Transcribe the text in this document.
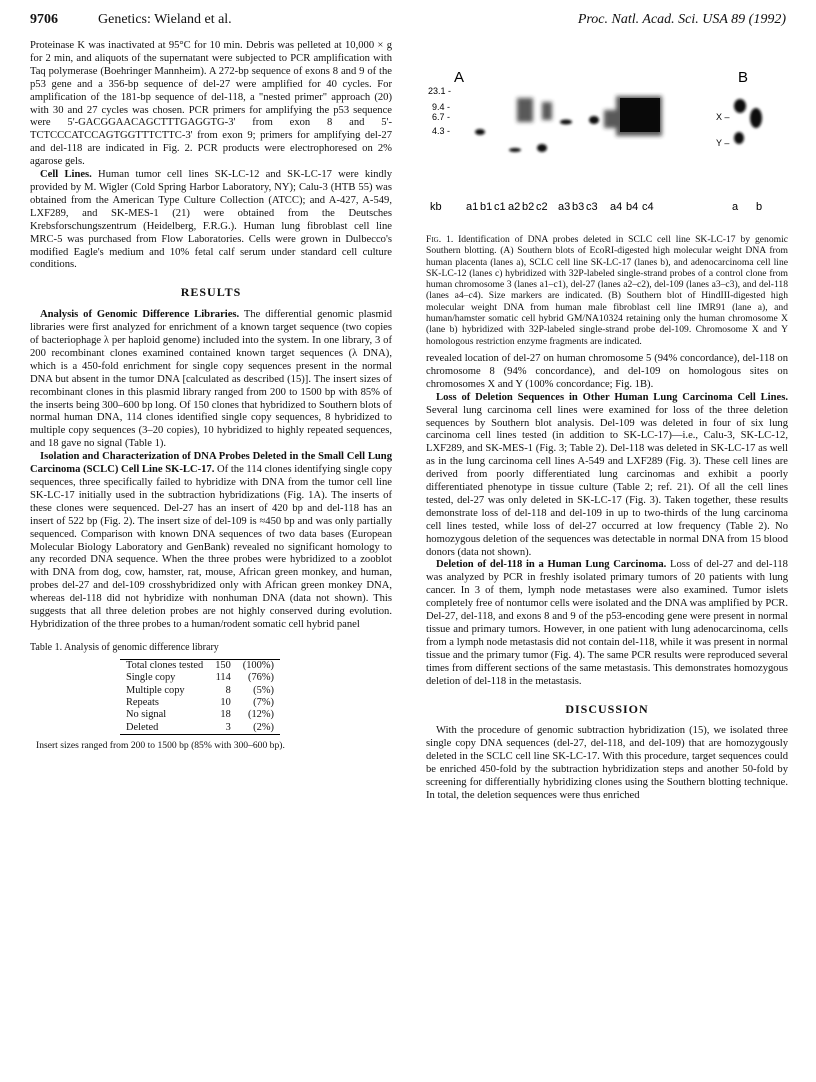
9706	Genetics: Wieland et al.	Proc. Natl. Acad. Sci. USA 89 (1992)

Proteinase K was inactivated at 95°C for 10 min. Debris was pelleted at 10,000 × g for 2 min, and aliquots of the supernatant were subjected to PCR amplification with Taq polymerase (Boehringer Mannheim). A 272-bp sequence of exons 8 and 9 of the p53 gene and a 356-bp sequence of del-27 were amplified for 40 cycles. For amplification of the 181-bp sequence of del-118, a "nested primer" approach (20) with 30 and 27 cycles was chosen. PCR primers for amplifying the p53 sequence were 5'-GACGGAACAGCTTTGAGGTG-3' from exon 8 and 5'-TCTCCCATCCAGTGGTTTCTTC-3' from exon 9; primers for amplifying del-27 and del-118 are indicated in Fig. 2. PCR products were electrophoresed on 2% agarose gels.

Cell Lines. Human tumor cell lines SK-LC-12 and SK-LC-17 were kindly provided by M. Wigler (Cold Spring Harbor Laboratory, NY); Calu-3 (HTB 55) was obtained from the American Type Culture Collection (ATCC); and A-427, A-549, LXF289, and SK-MES-1 (21) were obtained from the Deutsches Krebsforschungszentrum (Heidelberg, F.R.G.). Human lung fibroblast cell line MRC-5 was purchased from Flow Laboratories. Cells were grown in Dulbecco's modified Eagle's medium and 10% fetal calf serum under standard cell culture conditions.

RESULTS

Analysis of Genomic Difference Libraries. The differential genomic plasmid libraries were first analyzed for enrichment of a known target sequence (two copies of bacteriophage λ per haploid genome) included into the system. In one library, 3 of 200 recombinant clones examined contained known target sequences (λ DNA), which is a 450-fold enrichment for single copy sequences present in the normal DNA but absent in the tumor DNA [calculated as described (15)]. The insert sizes of recombinant clones in this plasmid library ranged from 200 to 1500 bp with 85% of the inserts being 300–600 bp long. Of 150 clones that hybridized to Southern blots of normal human DNA, 114 clones identified single copy sequences, 8 hybridized to multiple copy sequences (3–20 copies), 10 hybridized to highly repeated sequences, and 18 gave no signal (Table 1).

Isolation and Characterization of DNA Probes Deleted in the Small Cell Lung Carcinoma (SCLC) Cell Line SK-LC-17. Of the 114 clones identifying single copy sequences, three specifically failed to hybridize with DNA from the tumor cell line SK-LC-17 initially used in the subtraction hybridizations (Fig. 1A). The inserts of these clones were sequenced. Del-27 has an insert of 420 bp and del-118 has an insert of 522 bp (Fig. 2). The insert size of del-109 is ≈450 bp and was only partially sequenced. Comparison with known DNA sequences of two data bases (European Molecular Biology Laboratory and GenBank) revealed no significant homology to any recorded DNA sequence. When the three probes were hybridized to a zooblot with DNA from dog, cow, hamster, rat, mouse, African green monkey, and human, probes del-27 and del-109 crosshybridized only with African green monkey DNA, whereas del-118 did not hybridize with nonhuman DNA (data not shown). This suggests that all three deletion probes are not highly conserved during evolution. Hybridization of the three probes to a human/rodent somatic cell hybrid panel

Table 1. Analysis of genomic difference library
Total clones tested	150	(100%)
Single copy	114	(76%)
Multiple copy	8	(5%)
Repeats	10	(7%)
No signal	18	(12%)
Deleted	3	(2%)
Insert sizes ranged from 200 to 1500 bp (85% with 300–600 bp).
A	B
23.1 -
9.4 -
6.7 -
4.3 -
X –
Y –
kb a1 b1 c1 a2 b2 c2 a3 b3 c3 a4 b4 c4	a b
Fig. 1. Identification of DNA probes deleted in SCLC cell line SK-LC-17 by genomic Southern blotting. (A) Southern blots of EcoRI-digested high molecular weight DNA from human placenta (lanes a), SCLC cell line SK-LC-17 (lanes b), and adenocarcinoma cell line SK-LC-12 (lanes c) hybridized with 32P-labeled single-strand probes of a control clone from human chromosome 3 (lanes a1–c1), del-27 (lanes a2–c2), del-109 (lanes a3–c3), and del-118 (lanes a4–c4). Size markers are indicated. (B) Southern blot of HindIII-digested high molecular weight DNA from human male fibroblast cell line IMR91 (lane a), and human/hamster somatic cell hybrid GM/NA10324 retaining only the human chromosome X (lane b) hybridized with 32P-labeled single-strand probe del-109. Chromosome X and Y homologous restriction enzyme fragments are indicated.

revealed location of del-27 on human chromosome 5 (94% concordance), del-118 on chromosome 8 (94% concordance), and del-109 on homologous sites on chromosomes X and Y (100% concordance; Fig. 1B).

Loss of Deletion Sequences in Other Human Lung Carcinoma Cell Lines. Several lung carcinoma cell lines were examined for loss of the three deletion sequences by Southern blot analysis. Del-109 was deleted in four of six lung carcinoma cell lines tested (in addition to SK-LC-17)—i.e., Calu-3, SK-LC-12, LXF289, and SK-MES-1 (Fig. 3; Table 2). Del-118 was deleted in SK-LC-17 as well as in the lung carcinoma cell lines A-549 and LXF289 (Fig. 3). These cell lines are derived from poorly differentiated lung carcinomas and exhibit a poorly differentiated phenotype in tissue culture (Table 2; ref. 21). Of all the cell lines tested, del-27 was only deleted in SK-LC-17 (Fig. 3). Taken together, these results demonstrate loss of del-118 and del-109 in up to two-thirds of the lung carcinoma cell lines tested, while loss of del-27 occurred at low frequency (Table 2). No homozygous deletion of the sequences was detectable in normal DNA from 15 blood donors (data not shown).

Deletion of del-118 in a Human Lung Carcinoma. Loss of del-27 and del-118 was analyzed by PCR in freshly isolated primary tumors of 20 patients with lung cancer. In 3 of them, lymph node metastases were also examined. Tumor islets completely free of nontumor cells were isolated and the DNA was amplified by PCR. Del-27, del-118, and exons 8 and 9 of the p53-encoding gene were present in normal tissue and primary tumors. However, in one patient with lung adenocarcinoma, cells from a lymph node metastasis did not contain del-118, while it was present in normal tissue and the primary tumor (Fig. 4). The same PCR results were reproduced several times from different sections of the same metastasis. This demonstrates homozygous deletion of del-118 in the metastasis.

DISCUSSION

With the procedure of genomic subtraction hybridization (15), we isolated three single copy DNA sequences (del-27, del-118, and del-109) that are homozygously deleted in the SCLC cell line SK-LC-17. With this procedure, target sequences could be enriched 450-fold by the subtraction hybridization steps and another 50-fold by screening for differentially hybridizing clones using the Southern blotting technique. In total, the deletion sequences were thus enriched
